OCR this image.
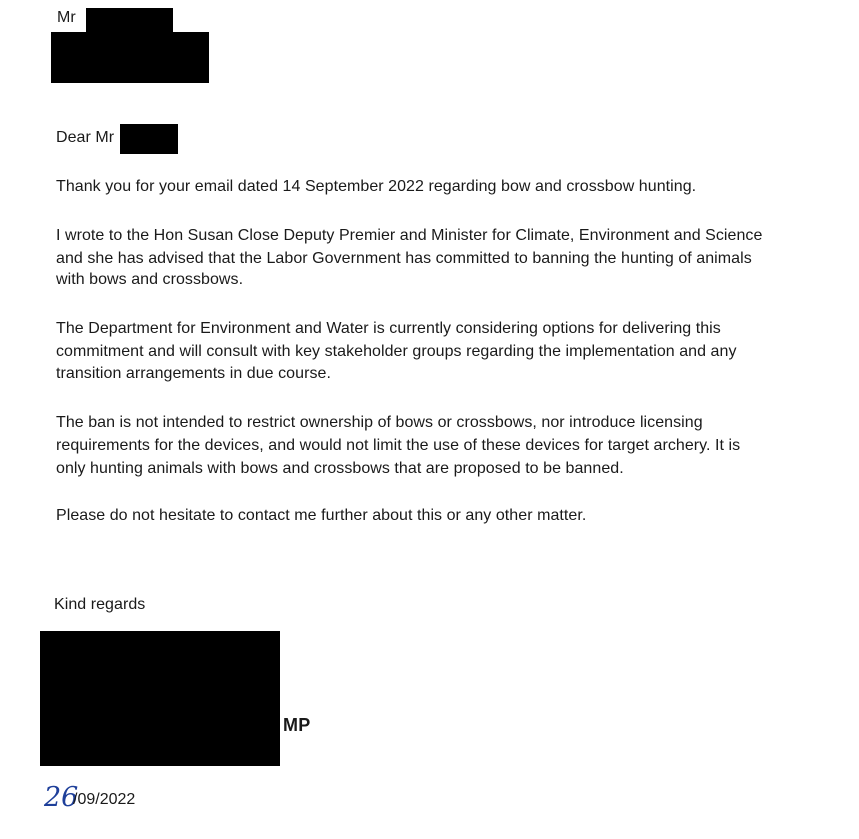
Mr
Dear Mr
Thank you for your email dated 14 September 2022 regarding bow and crossbow hunting.
I wrote to the Hon Susan Close Deputy Premier and Minister for Climate, Environment and Science
and she has advised that the Labor Government has committed to banning the hunting of animals
with bows and crossbows.
The Department for Environment and Water is currently considering options for delivering this
commitment and will consult with key stakeholder groups regarding the implementation and any
transition arrangements in due course.
The ban is not intended to restrict ownership of bows or crossbows, nor introduce licensing
requirements for the devices, and would not limit the use of these devices for target archery. It is
only hunting animals with bows and crossbows that are proposed to be banned.
Please do not hesitate to contact me further about this or any other matter.
Kind regards
MP
26
/09/2022
